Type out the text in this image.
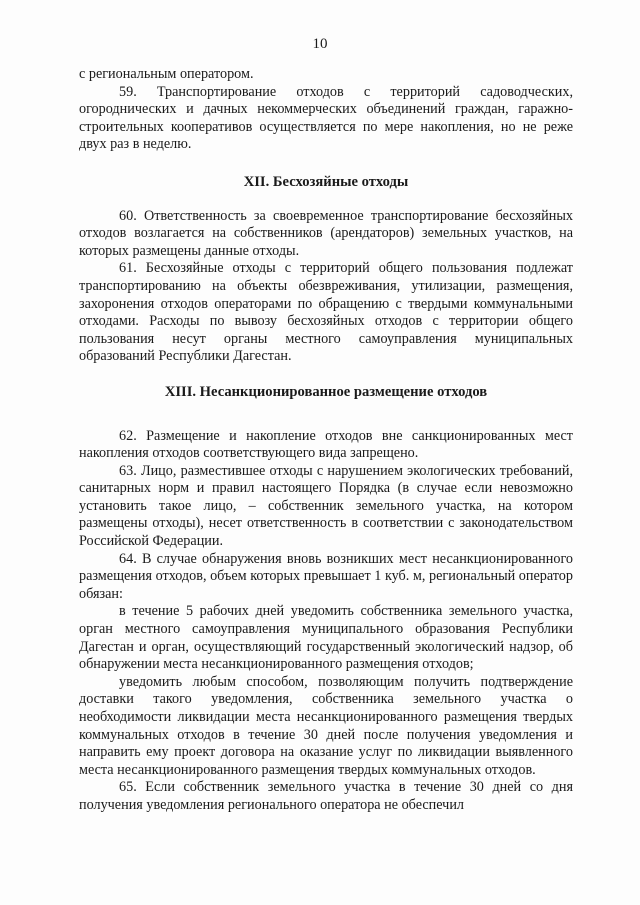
10

с региональным оператором.

59. Транспортирование отходов с территорий садоводческих, огороднических и дачных некоммерческих объединений граждан, гаражно-строительных кооперативов осуществляется по мере накопления, но не реже двух раз в неделю.

XII. Бесхозяйные отходы

60. Ответственность за своевременное транспортирование бесхозяйных отходов возлагается на собственников (арендаторов) земельных участков, на которых размещены данные отходы.

61. Бесхозяйные отходы с территорий общего пользования подлежат транспортированию на объекты обезвреживания, утилизации, размещения, захоронения отходов операторами по обращению с твердыми коммунальными отходами. Расходы по вывозу бесхозяйных отходов с территории общего пользования несут органы местного самоуправления муниципальных образований Республики Дагестан.

XIII. Несанкционированное размещение отходов

62. Размещение и накопление отходов вне санкционированных мест накопления отходов соответствующего вида запрещено.

63. Лицо, разместившее отходы с нарушением экологических требований, санитарных норм и правил настоящего Порядка (в случае если невозможно установить такое лицо, – собственник земельного участка, на котором размещены отходы), несет ответственность в соответствии с законодательством Российской Федерации.

64. В случае обнаружения вновь возникших мест несанкционированного размещения отходов, объем которых превышает 1 куб. м, региональный оператор обязан:

в течение 5 рабочих дней уведомить собственника земельного участка, орган местного самоуправления муниципального образования Республики Дагестан и орган, осуществляющий государственный экологический надзор, об обнаружении места несанкционированного размещения отходов;

уведомить любым способом, позволяющим получить подтверждение доставки такого уведомления, собственника земельного участка о необходимости ликвидации места несанкционированного размещения твердых коммунальных отходов в течение 30 дней после получения уведомления и направить ему проект договора на оказание услуг по ликвидации выявленного места несанкционированного размещения твердых коммунальных отходов.

65. Если собственник земельного участка в течение 30 дней со дня получения уведомления регионального оператора не обеспечил
